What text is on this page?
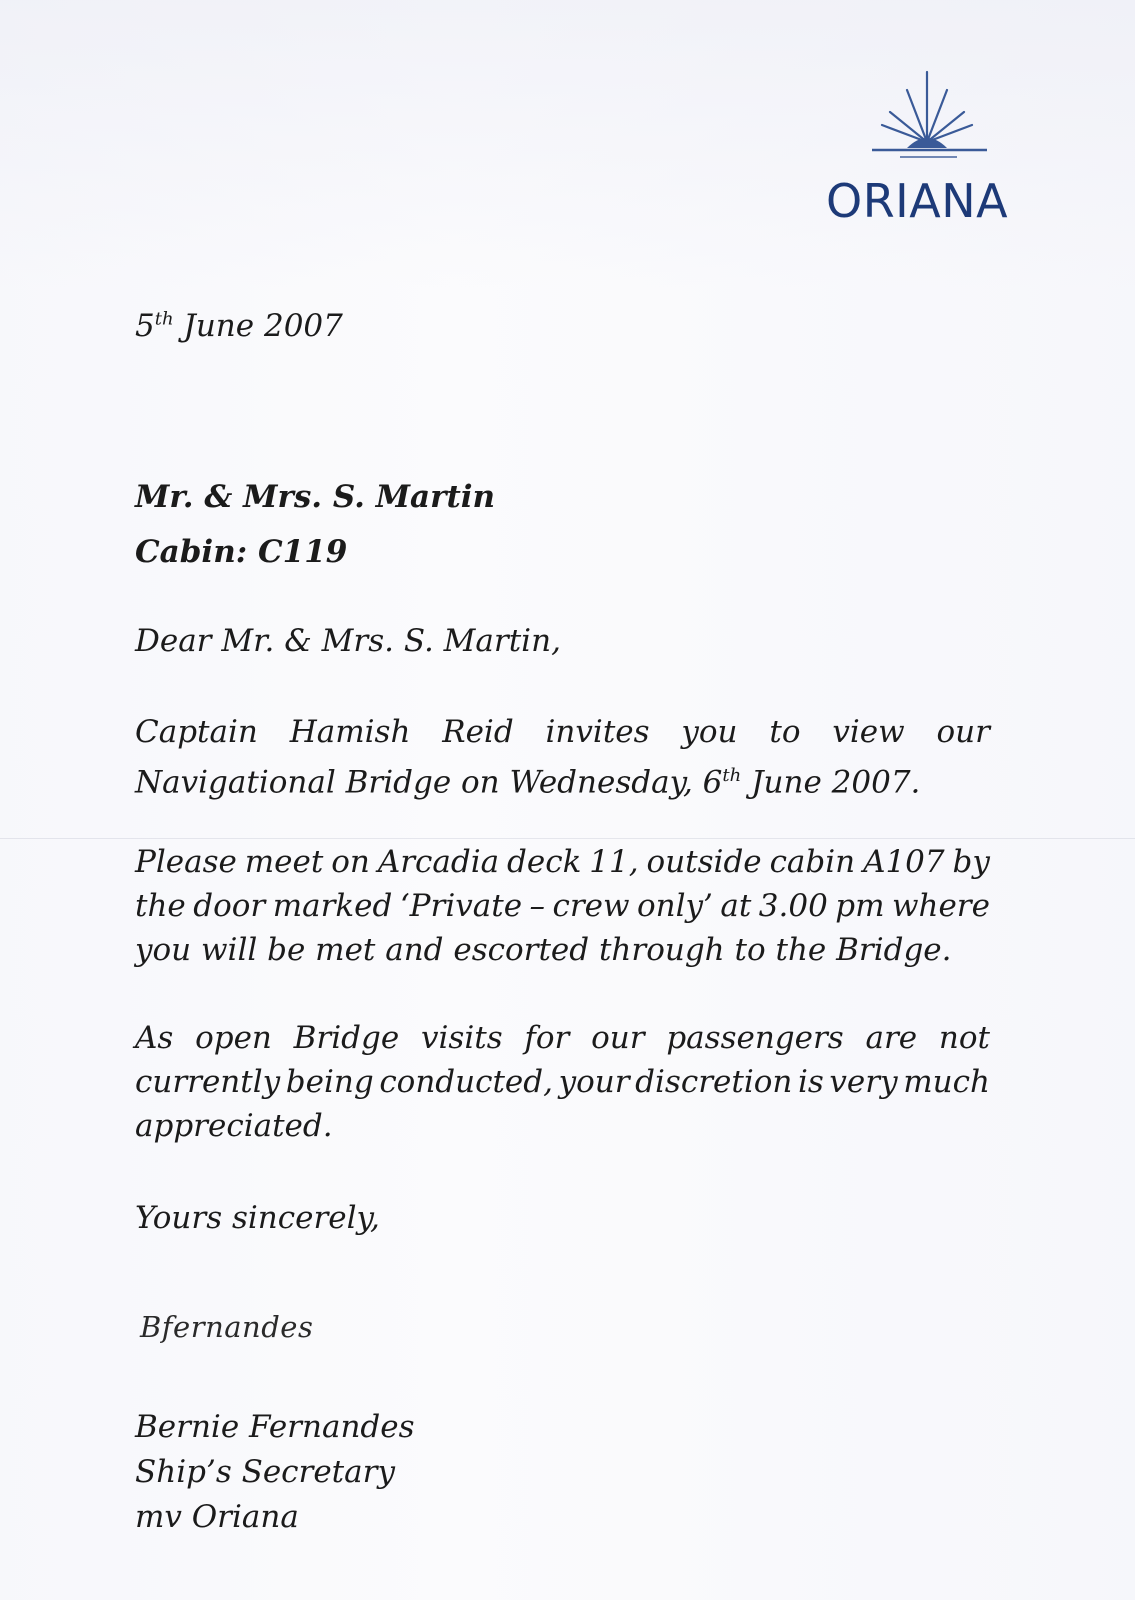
ORIANA
5th June 2007
Mr. & Mrs. S. Martin
Cabin: C119
Dear Mr. & Mrs. S. Martin,
Captain Hamish Reid invites you to view our
Navigational Bridge on Wednesday, 6th June 2007.
Please meet on Arcadia deck 11, outside cabin A107 by
the door marked ‘Private – crew only’ at 3.00 pm where
you will be met and escorted through to the Bridge.
As open Bridge visits for our passengers are not
currently being conducted, your discretion is very much
appreciated.
Yours sincerely,
Bfernandes
Bernie Fernandes
Ship’s Secretary
mv Oriana
